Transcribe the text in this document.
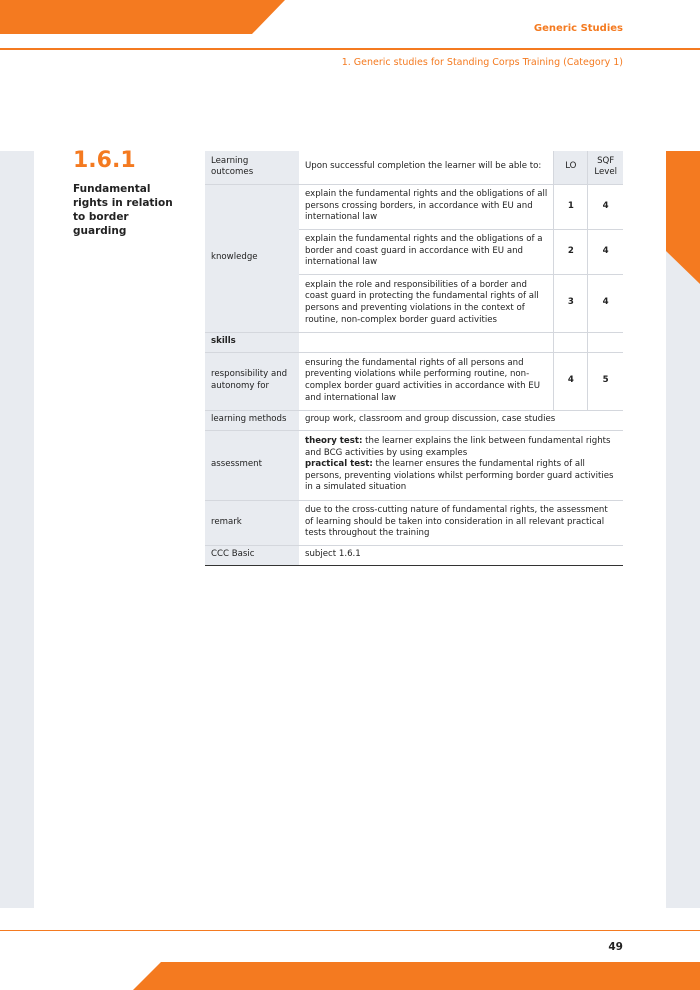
Generic Studies
1. Generic studies for Standing Corps Training (Category 1)
1.6.1
Fundamental rights in relation to border guarding
Learning outcomes	Upon successful completion the learner will be able to:	LO	SQF Level
knowledge	explain the fundamental rights and the obligations of all persons crossing borders, in accordance with EU and international law	1	4
	explain the fundamental rights and the obligations of a border and coast guard in accordance with EU and international law	2	4
	explain the role and responsibilities of a border and coast guard in protecting the fundamental rights of all persons and preventing violations in the context of routine, non-complex border guard activities	3	4
skills			
responsibility and autonomy for	ensuring the fundamental rights of all persons and preventing violations while performing routine, non-complex border guard activities in accordance with EU and international law	4	5
learning methods	group work, classroom and group discussion, case studies		
assessment	theory test: the learner explains the link between fundamental rights and BCG activities by using examples
practical test: the learner ensures the fundamental rights of all persons, preventing violations whilst performing border guard activities in a simulated situation		
remark	due to the cross-cutting nature of fundamental rights, the assessment of learning should be taken into consideration in all relevant practical tests throughout the training		
CCC Basic	subject 1.6.1		
49
